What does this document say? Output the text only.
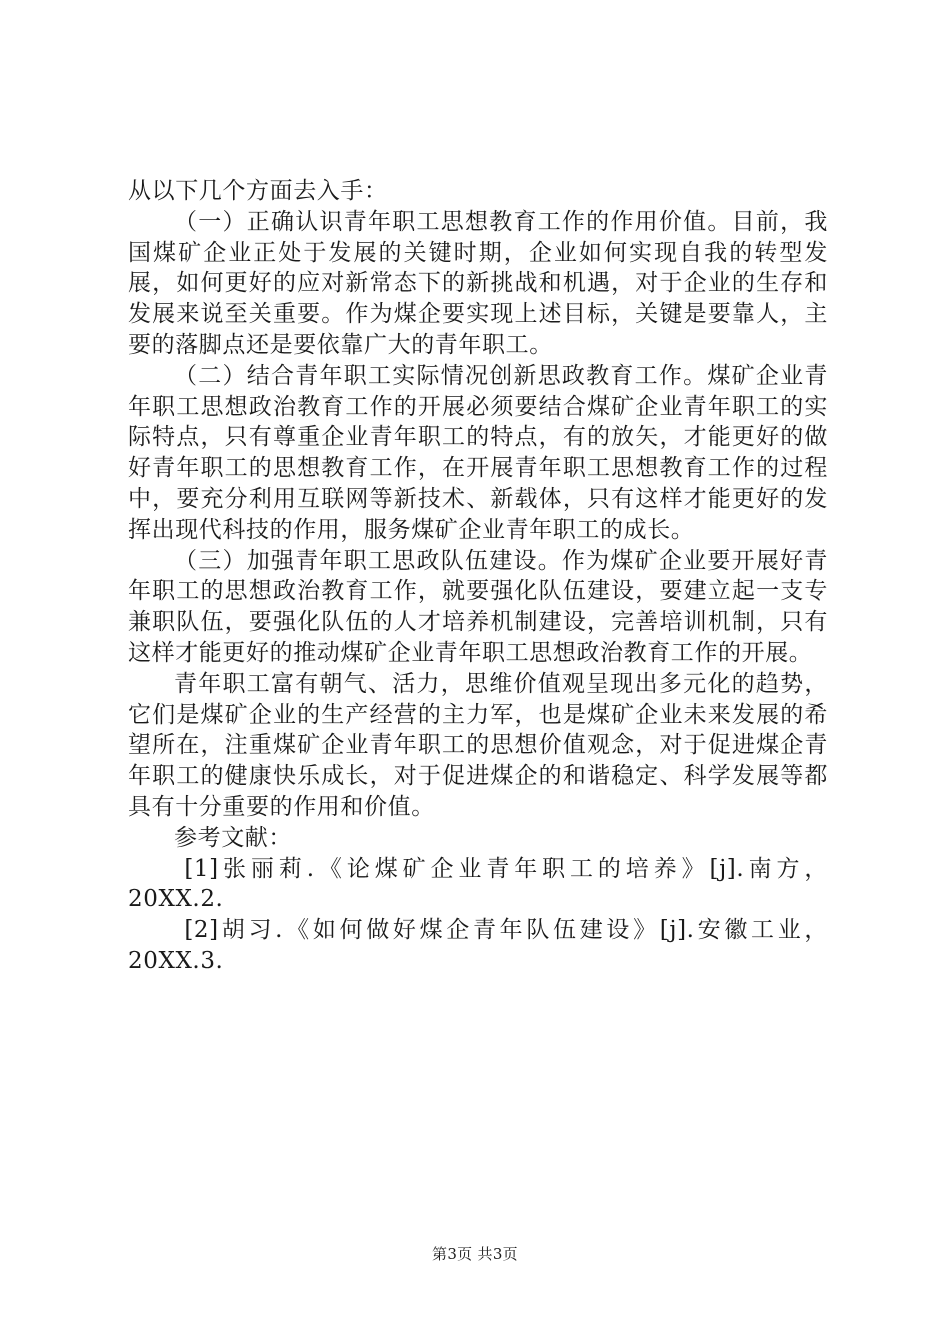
从以下几个方面去入手：

（一）正确认识青年职工思想教育工作的作用价值。目前，我国煤矿企业正处于发展的关键时期，企业如何实现自我的转型发展，如何更好的应对新常态下的新挑战和机遇，对于企业的生存和发展来说至关重要。作为煤企要实现上述目标，关键是要靠人，主要的落脚点还是要依靠广大的青年职工。

（二）结合青年职工实际情况创新思政教育工作。煤矿企业青年职工思想政治教育工作的开展必须要结合煤矿企业青年职工的实际特点，只有尊重企业青年职工的特点，有的放矢，才能更好的做好青年职工的思想教育工作，在开展青年职工思想教育工作的过程中，要充分利用互联网等新技术、新载体，只有这样才能更好的发挥出现代科技的作用，服务煤矿企业青年职工的成长。

（三）加强青年职工思政队伍建设。作为煤矿企业要开展好青年职工的思想政治教育工作，就要强化队伍建设，要建立起一支专兼职队伍，要强化队伍的人才培养机制建设，完善培训机制，只有这样才能更好的推动煤矿企业青年职工思想政治教育工作的开展。

青年职工富有朝气、活力，思维价值观呈现出多元化的趋势，它们是煤矿企业的生产经营的主力军，也是煤矿企业未来发展的希望所在，注重煤矿企业青年职工的思想价值观念，对于促进煤企青年职工的健康快乐成长，对于促进煤企的和谐稳定、科学发展等都具有十分重要的作用和价值。

参考文献：

[1]张丽莉.《论煤矿企业青年职工的培养》[j].南方，20XX.2.

[2]胡习.《如何做好煤企青年队伍建设》[j].安徽工业，20XX.3.

第3页 共3页
